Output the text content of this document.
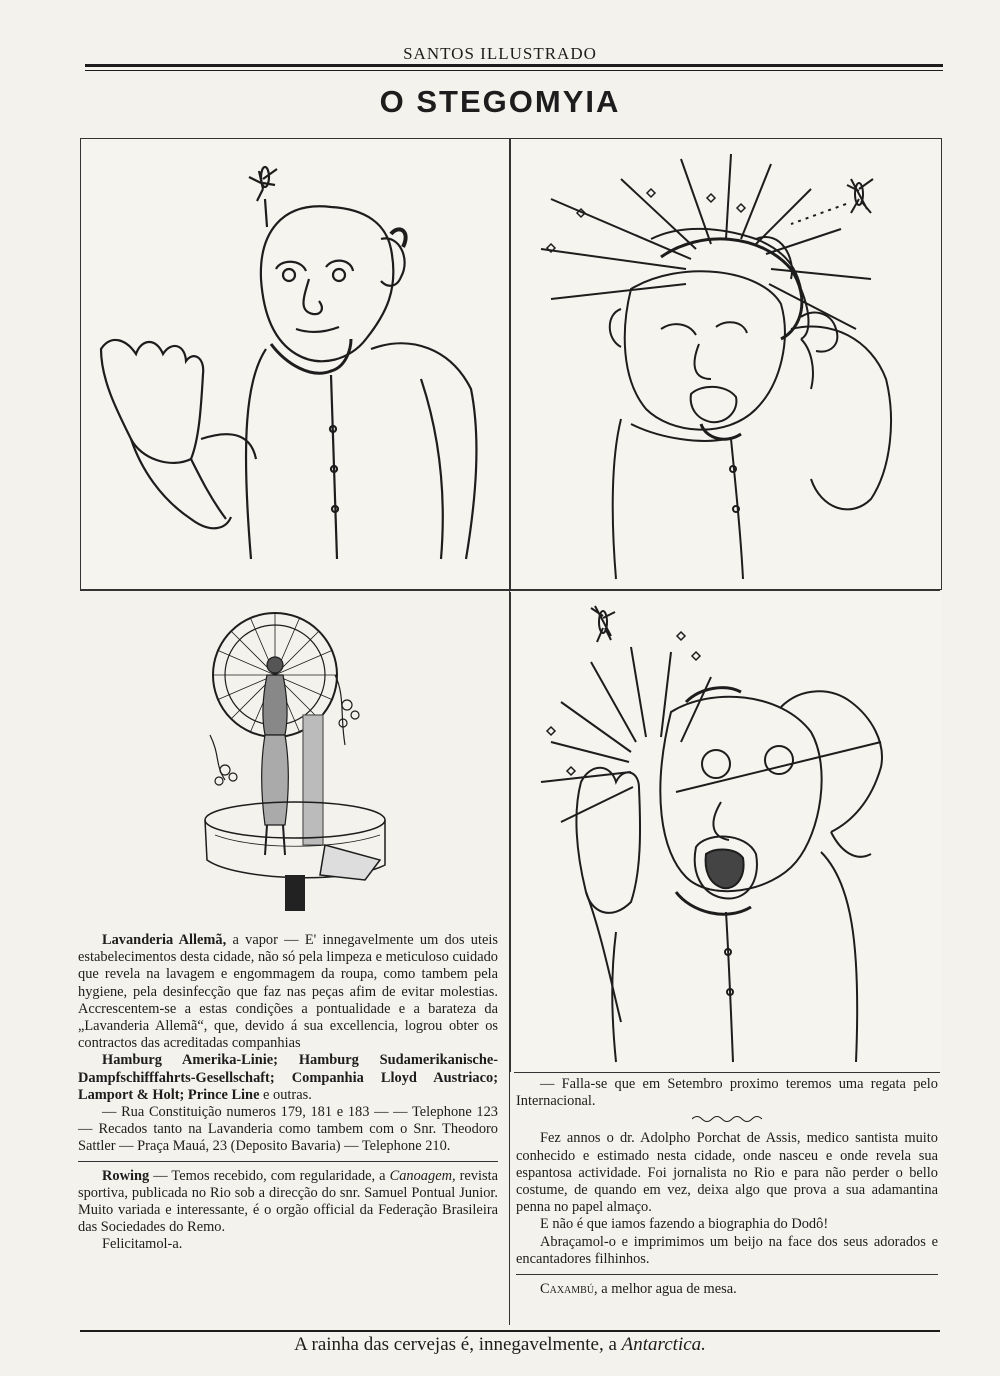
SANTOS ILLUSTRADO
O STEGOMYIA

Lavanderia Allemã, a vapor — E' innegavelmente um dos uteis estabelecimentos desta cidade, não só pela limpeza e meticuloso cuidado que revela na lavagem e engommagem da roupa, como tambem pela hygiene, pela desinfecção que faz nas peças afim de evitar molestias. Accrescentem-se a estas condições a pontualidade e a barateza da „Lavanderia Allemã“, que, devido á sua excellencia, logrou obter os contractos das acreditadas companhias

Hamburg Amerika-Linie; Hamburg Sudamerikanische-Dampfschifffahrts-Gesellschaft; Companhia Lloyd Austriaco; Lamport & Holt; Prince Line e outras.

— Rua Constituição numeros 179, 181 e 183 — — Telephone 123 — Recados tanto na Lavanderia como tambem com o Snr. Theodoro Sattler — Praça Mauá, 23 (Deposito Bavaria) — Telephone 210.

Rowing — Temos recebido, com regularidade, a Canoagem, revista sportiva, publicada no Rio sob a direcção do snr. Samuel Pontual Junior. Muito variada e interessante, é o orgão official da Federação Brasileira das Sociedades do Remo.

Felicitamol-a.

— Falla-se que em Setembro proximo teremos uma regata pelo Internacional.

Fez annos o dr. Adolpho Porchat de Assis, medico santista muito conhecido e estimado nesta cidade, onde nasceu e onde revela sua espantosa actividade. Foi jornalista no Rio e para não perder o bello costume, de quando em vez, deixa algo que prova a sua adamantina penna no papel almaço.

E não é que iamos fazendo a biographia do Dodô!

Abraçamol-o e imprimimos um beijo na face dos seus adorados e encantadores filhinhos.

Caxambú, a melhor agua de mesa.

A rainha das cervejas é, innegavelmente, a Antarctica.
